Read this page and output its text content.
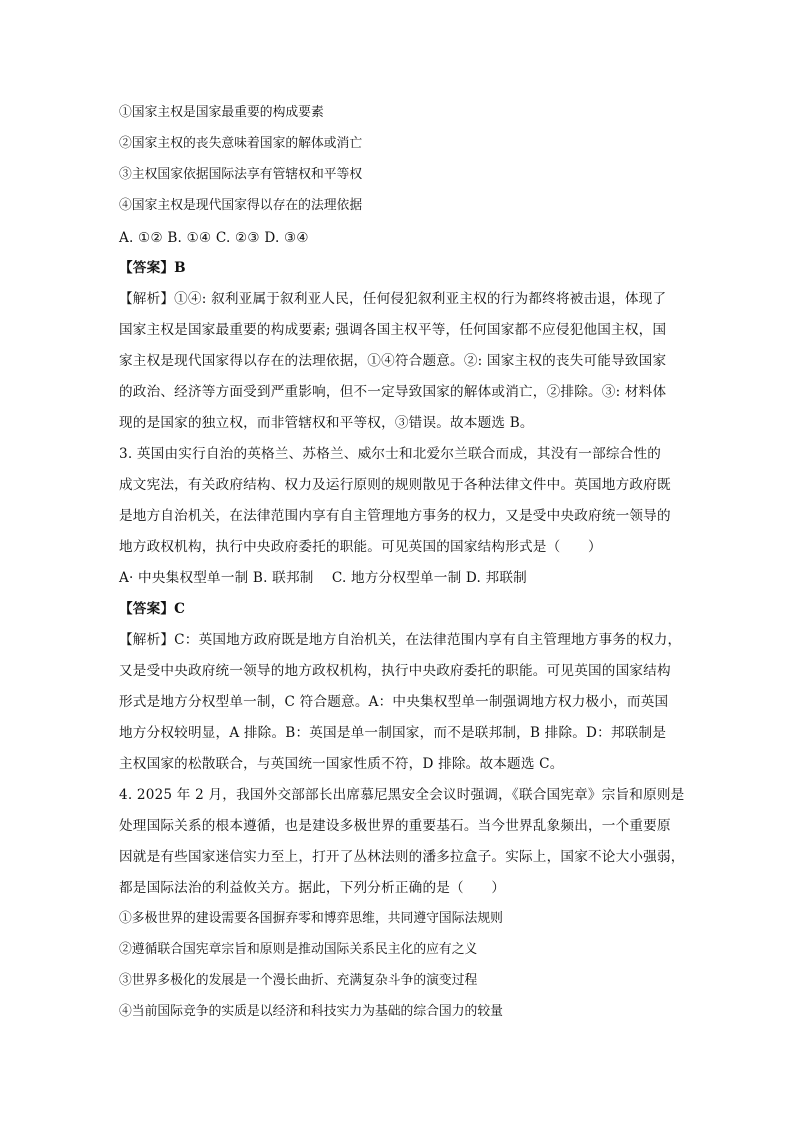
①国家主权是国家最重要的构成要素
②国家主权的丧失意味着国家的解体或消亡
③主权国家依据国际法享有管辖权和平等权
④国家主权是现代国家得以存在的法理依据
A. ①② B. ①④ C. ②③ D. ③④
【答案】B
【解析】①④: 叙利亚属于叙利亚人民，任何侵犯叙利亚主权的行为都终将被击退，体现了
国家主权是国家最重要的构成要素; 强调各国主权平等，任何国家都不应侵犯他国主权，国
家主权是现代国家得以存在的法理依据，①④符合题意。②: 国家主权的丧失可能导致国家
的政治、经济等方面受到严重影响，但不一定导致国家的解体或消亡，②排除。③: 材料体
现的是国家的独立权，而非管辖权和平等权，③错误。故本题选 B。
3. 英国由实行自治的英格兰、苏格兰、威尔士和北爱尔兰联合而成，其没有一部综合性的
成文宪法，有关政府结构、权力及运行原则的规则散见于各种法律文件中。英国地方政府既
是地方自治机关，在法律范围内享有自主管理地方事务的权力，又是受中央政府统一领导的
地方政权机构，执行中央政府委托的职能。可见英国的国家结构形式是（　　）
A· 中央集权型单一制 B. 联邦制　 C. 地方分权型单一制 D. 邦联制
【答案】C
【解析】C：英国地方政府既是地方自治机关，在法律范围内享有自主管理地方事务的权力，
又是受中央政府统一领导的地方政权机构，执行中央政府委托的职能。可见英国的国家结构
形式是地方分权型单一制，C 符合题意。A：中央集权型单一制强调地方权力极小，而英国
地方分权较明显，A 排除。B：英国是单一制国家，而不是联邦制，B 排除。D：邦联制是
主权国家的松散联合，与英国统一国家性质不符，D 排除。故本题选 C。
4. 2025 年 2 月，我国外交部部长出席慕尼黑安全会议时强调，《联合国宪章》宗旨和原则是
处理国际关系的根本遵循，也是建设多极世界的重要基石。当今世界乱象频出，一个重要原
因就是有些国家迷信实力至上，打开了丛林法则的潘多拉盒子。实际上，国家不论大小强弱，
都是国际法治的利益攸关方。据此，下列分析正确的是（　　）
①多极世界的建设需要各国摒弃零和博弈思维，共同遵守国际法规则
②遵循联合国宪章宗旨和原则是推动国际关系民主化的应有之义
③世界多极化的发展是一个漫长曲折、充满复杂斗争的演变过程
④当前国际竞争的实质是以经济和科技实力为基础的综合国力的较量
